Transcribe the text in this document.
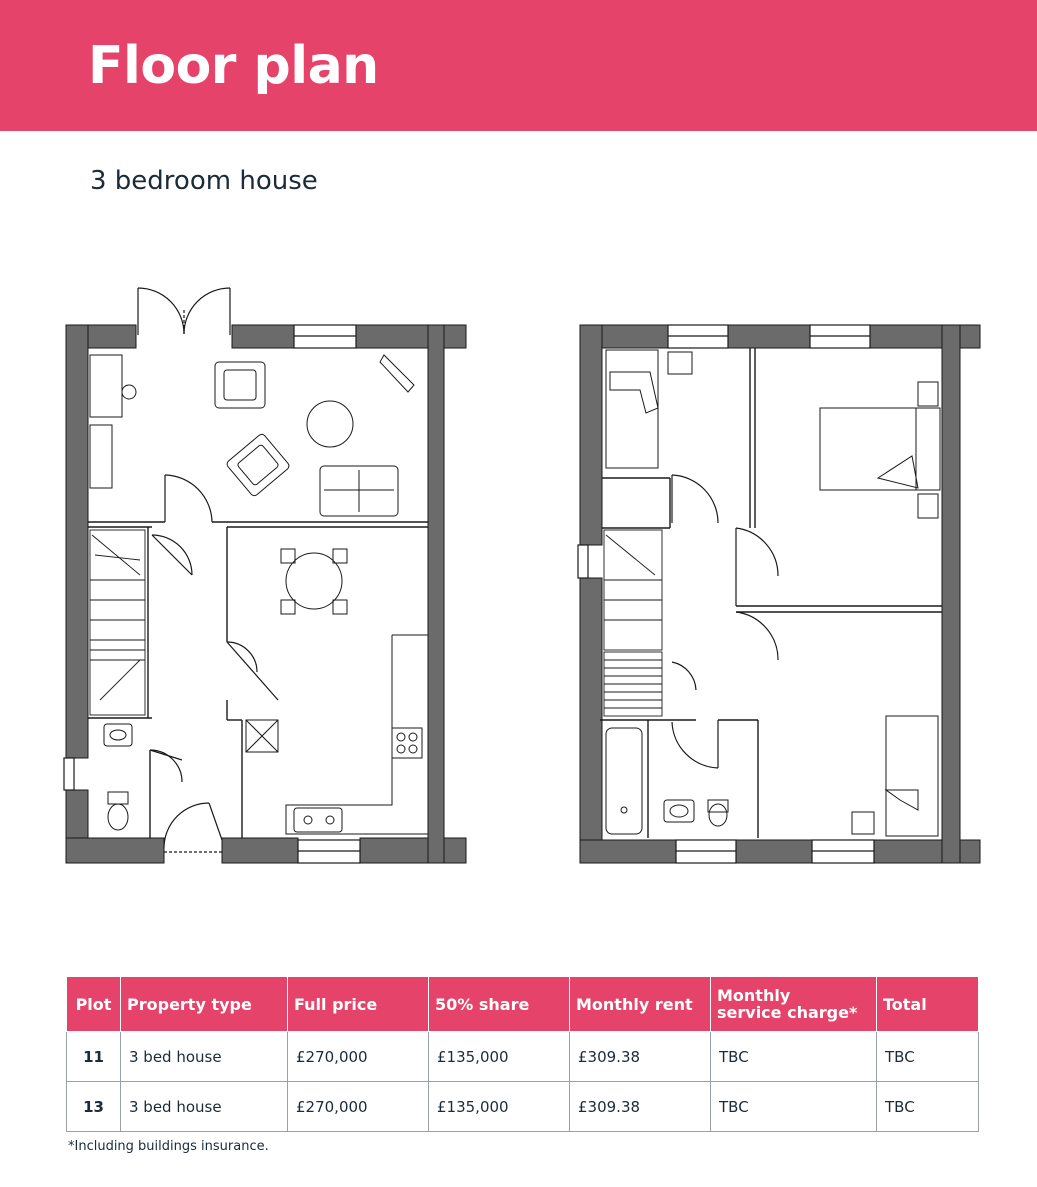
Floor plan
3 bedroom house
Plot	Property type	Full price	50% share	Monthly rent	Monthly
service charge*	Total
11	3 bed house	£270,000	£135,000	£309.38	TBC	TBC
13	3 bed house	£270,000	£135,000	£309.38	TBC	TBC
*Including buildings insurance.
